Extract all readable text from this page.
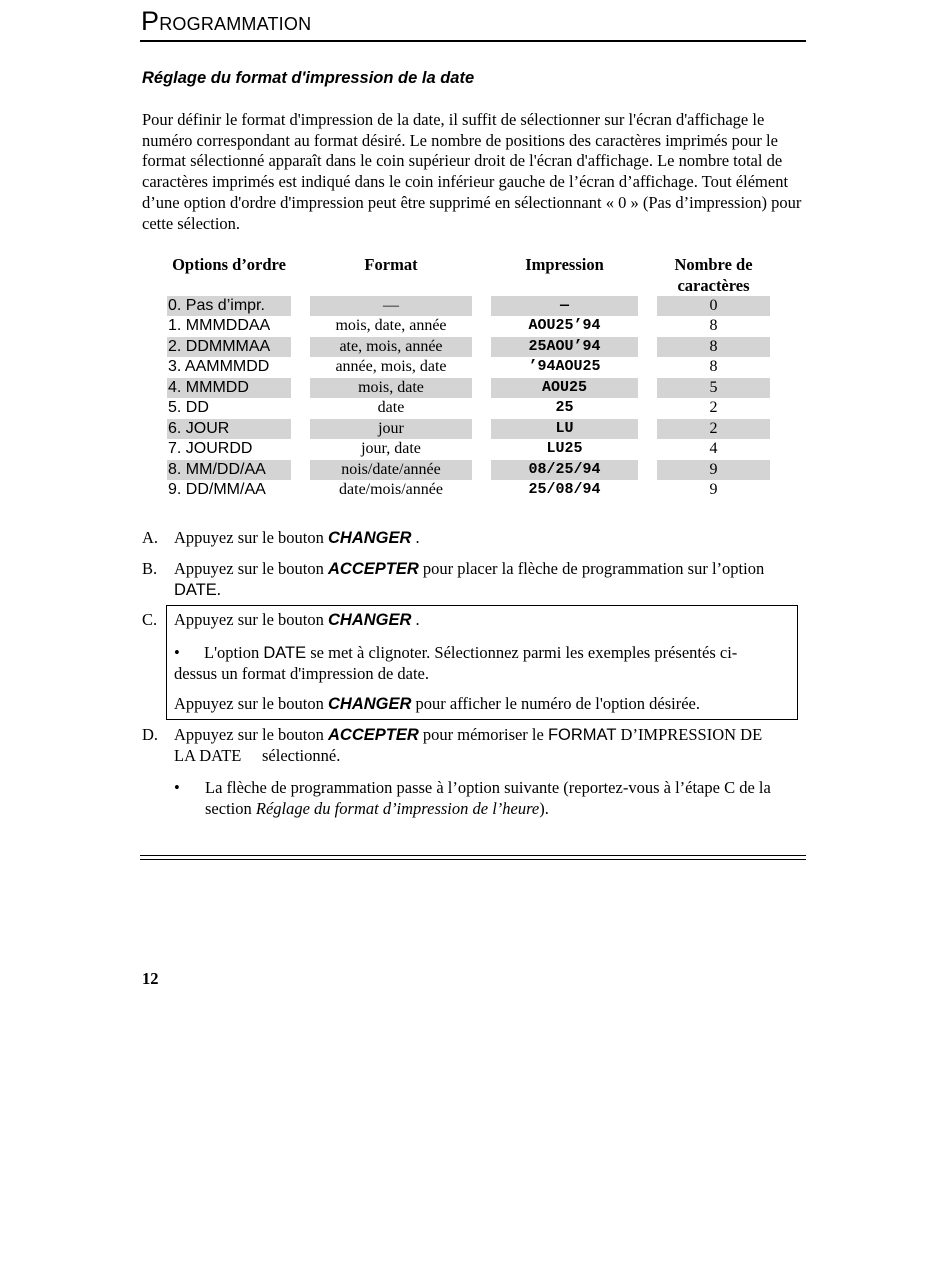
PROGRAMMATION
Réglage du format d'impression de la date

Pour définir le format d'impression de la date, il suffit de sélectionner sur l'écran d'affichage le numéro correspondant au format désiré. Le nombre de positions des caractères imprimés pour le format sélectionné apparaît dans le coin supérieur droit de l'écran d'affichage. Le nombre total de caractères imprimés est indiqué dans le coin inférieur gauche de l’écran d’affichage. Tout élément d’une option d'ordre d'impression peut être supprimé en sélectionnant « 0 » (Pas d’impression) pour cette sélection.

Options d’ordre	Format	Impression	Nombre de
caractères
0. Pas d’impr.	—	—	0
1. MMMDDAA	mois, date, année	AOU25’94	8
2. DDMMMAA	ate, mois, année	25AOU’94	8
3. AAMMMDD	année, mois, date	’94AOU25	8
4. MMMDD	mois, date	AOU25	5
5. DD	date	25	2
6. JOUR	jour	LU	2
7. JOURDD	jour, date	LU25	4
8. MM/DD/AA	nois/date/année	08/25/94	9
9. DD/MM/AA	date/mois/année	25/08/94	9
A. Appuyez sur le bouton CHANGER .
B. Appuyez sur le bouton ACCEPTER pour placer la flèche de programmation sur l’option DATE.
C. Appuyez sur le bouton CHANGER .
•	L'option DATE se met à clignoter. Sélectionnez parmi les exemples présentés ci-dessus un format d'impression de date.
Appuyez sur le bouton CHANGER pour afficher le numéro de l'option désirée.
D. Appuyez sur le bouton ACCEPTER pour mémoriser le FORMAT D’IMPRESSION DE
LA DATE     sélectionné.
• La flèche de programmation passe à l’option suivante (reportez-vous à l’étape C de la section Réglage du format d’impression de l’heure).
12
